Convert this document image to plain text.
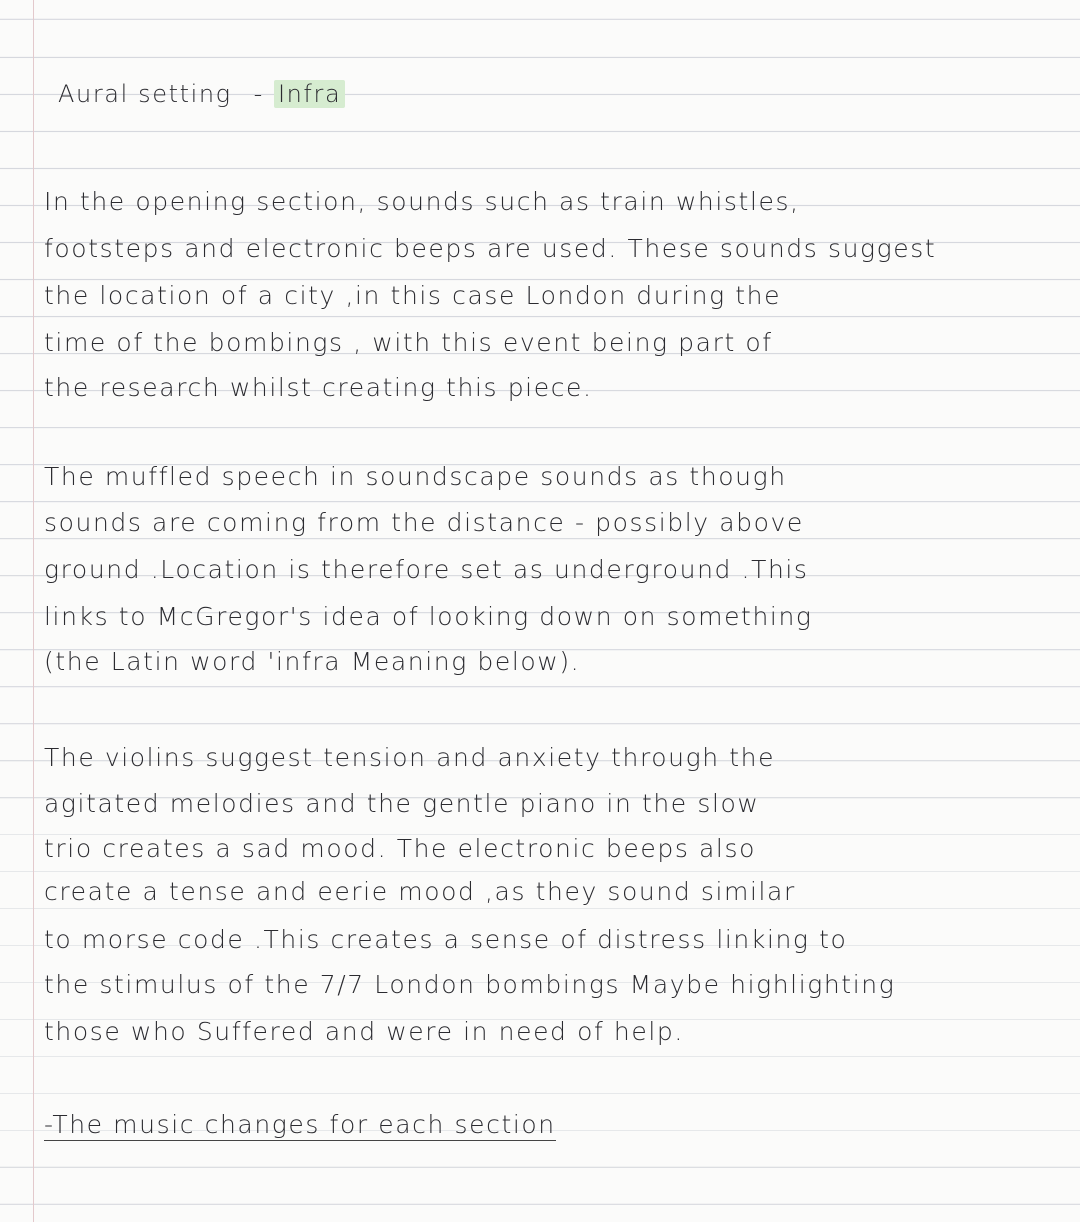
Aural setting - Infra
In the opening section, sounds such as train whistles,
footsteps and electronic beeps are used. These sounds suggest
the location of a city ,in this case London during the
time of the bombings , with this event being part of
the research whilst creating this piece.
The muffled speech in soundscape sounds as though
sounds are coming from the distance - possibly above
ground .Location is therefore set as underground .This
links to McGregor's idea of looking down on something
(the Latin word 'infra Meaning below).
The violins suggest tension and anxiety through the
agitated melodies and the gentle piano in the slow
trio creates a sad mood. The electronic beeps also
create a tense and eerie mood ,as they sound similar
to morse code .This creates a sense of distress linking to
the stimulus of the 7/7 London bombings Maybe highlighting
those who Suffered and were in need of help.
-The music changes for each section
